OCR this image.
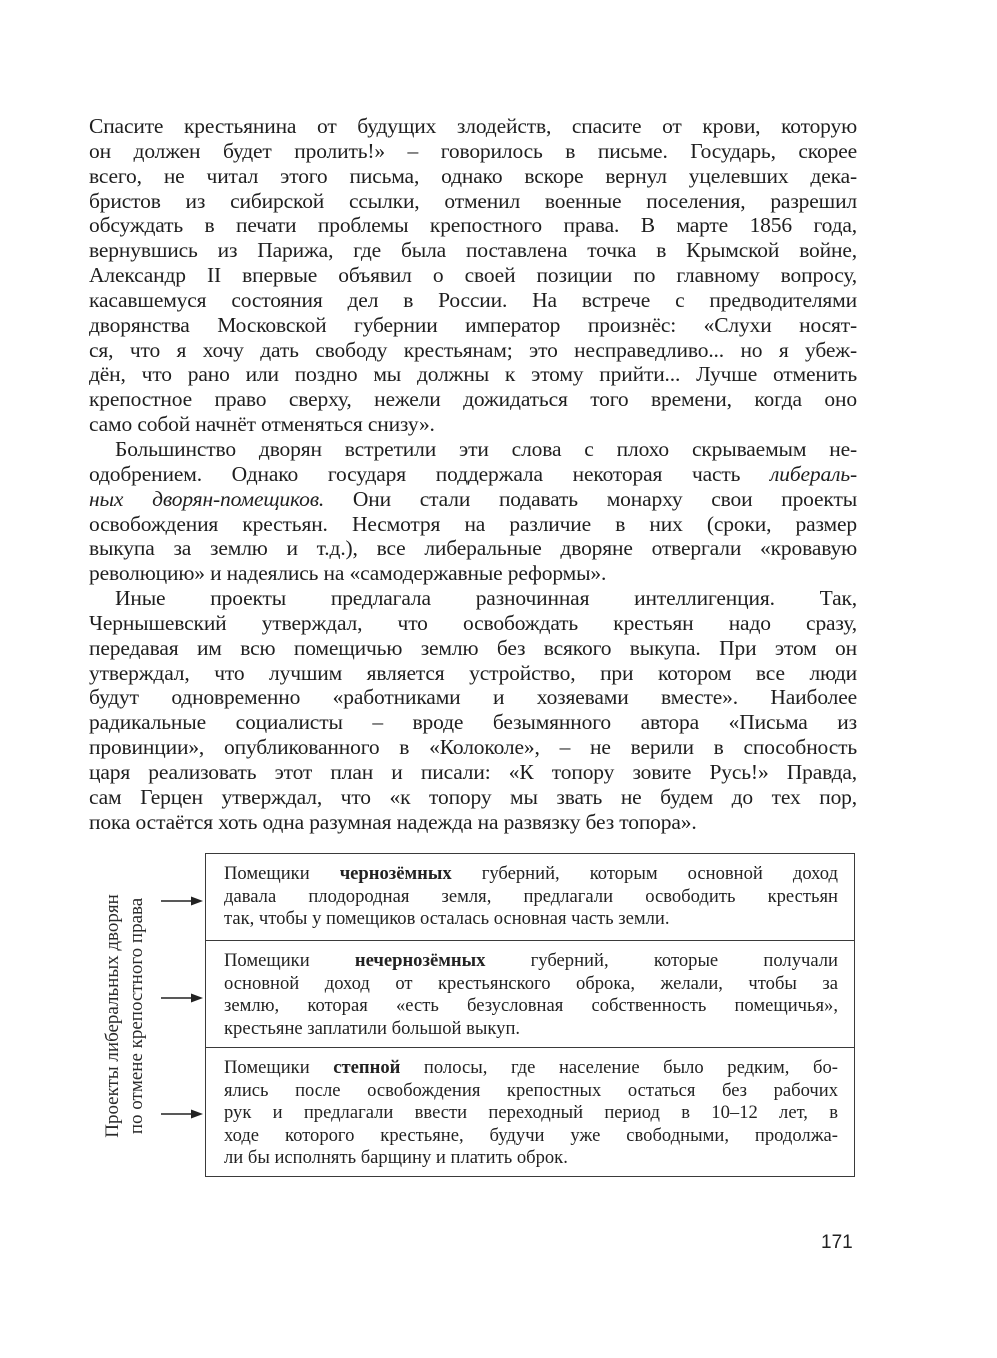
Спасите крестьянина от будущих злодейств, спасите от крови, которую
он должен будет пролить!» – говорилось в письме. Государь, скорее
всего, не читал этого письма, однако вскоре вернул уцелевших дека-
бристов из сибирской ссылки, отменил военные поселения, разрешил
обсуждать в печати проблемы крепостного права. В марте 1856 года,
вернувшись из Парижа, где была поставлена точка в Крымской войне,
Александр II впервые объявил о своей позиции по главному вопросу,
касавшемуся состояния дел в России. На встрече с предводителями
дворянства Московской губернии император произнёс: «Слухи носят-
ся, что я хочу дать свободу крестьянам; это несправедливо... но я убеж-
дён, что рано или поздно мы должны к этому прийти... Лучше отменить
крепостное право сверху, нежели дожидаться того времени, когда оно
само собой начнёт отменяться снизу».

Большинство дворян встретили эти слова с плохо скрываемым не-
одобрением. Однако государя поддержала некоторая часть либераль-
ных дворян-помещиков. Они стали подавать монарху свои проекты
освобождения крестьян. Несмотря на различие в них (сроки, размер
выкупа за землю и т.д.), все либеральные дворяне отвергали «кровавую
революцию» и надеялись на «самодержавные реформы».

Иные проекты предлагала разночинная интеллигенция. Так,
Чернышевский утверждал, что освобождать крестьян надо сразу,
передавая им всю помещичью землю без всякого выкупа. При этом он
утверждал, что лучшим является устройство, при котором все люди
будут одновременно «работниками и хозяевами вместе». Наиболее
радикальные социалисты – вроде безымянного автора «Письма из
провинции», опубликованного в «Колоколе», – не верили в способность
царя реализовать этот план и писали: «К топору зовите Русь!» Правда,
сам Герцен утверждал, что «к топору мы звать не будем до тех пор,
пока остаётся хоть одна разумная надежда на развязку без топора».

Проекты либеральных дворян по отмене крепостного права
Помещики чернозёмных губерний, которым основной доход
давала плодородная земля, предлагали освободить крестьян
так, чтобы у помещиков осталась основная часть земли.
Помещики нечернозёмных губерний, которые получали
основной доход от крестьянского оброка, желали, чтобы за
землю, которая «есть безусловная собственность помещичья»,
крестьяне заплатили большой выкуп.
Помещики степной полосы, где население было редким, бо-
ялись после освобождения крепостных остаться без рабочих
рук и предлагали ввести переходный период в 10–12 лет, в
ходе которого крестьяне, будучи уже свободными, продолжа-
ли бы исполнять барщину и платить оброк.
171
